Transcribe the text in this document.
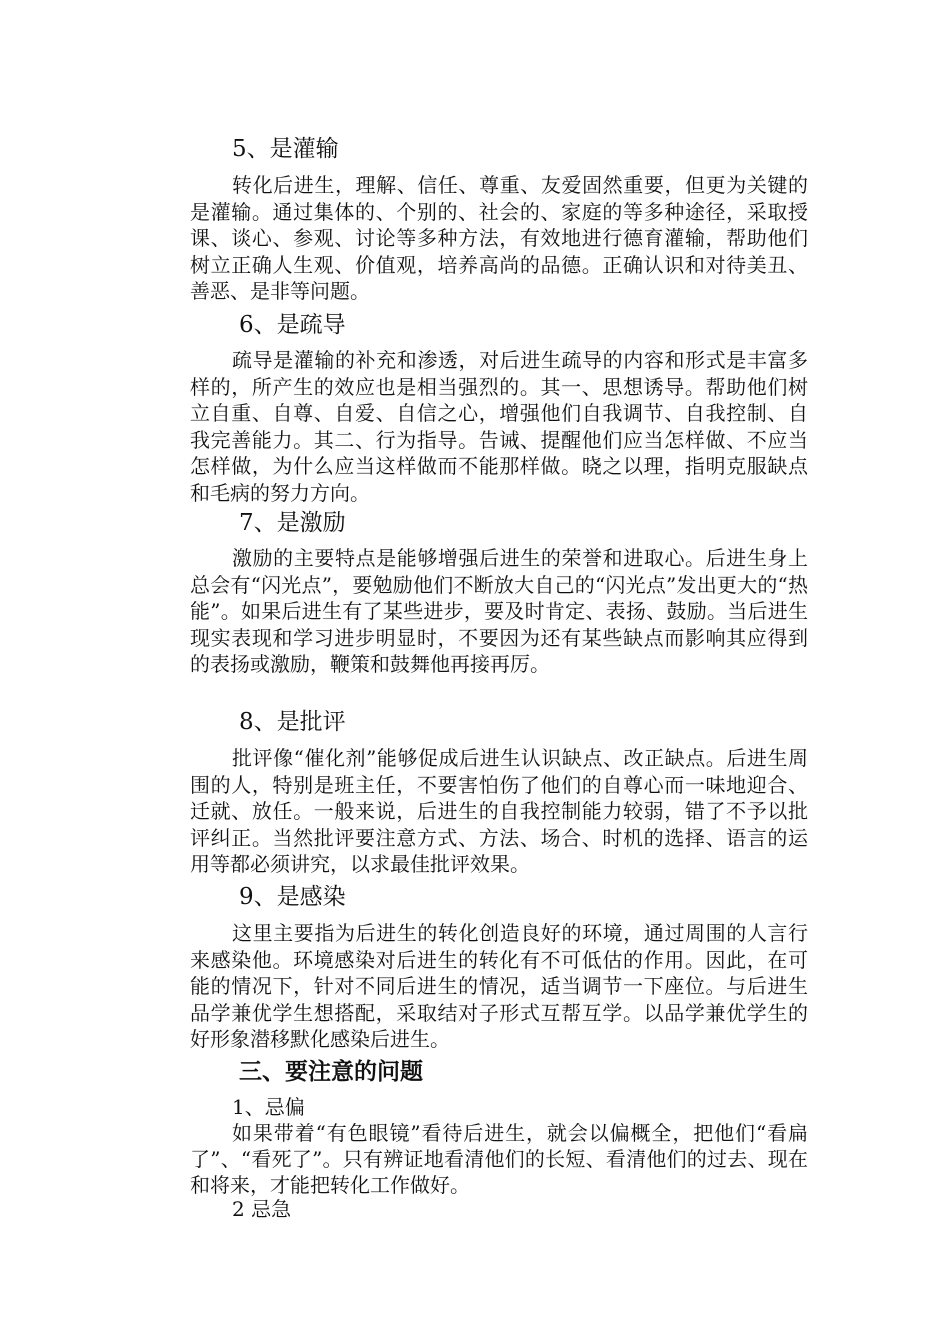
5、是灌输

转化后进生，理解、信任、尊重、友爱固然重要，但更为关键的是灌输。通过集体的、个别的、社会的、家庭的等多种途径，采取授课、谈心、参观、讨论等多种方法，有效地进行德育灌输，帮助他们树立正确人生观、价值观，培养高尚的品德。正确认识和对待美丑、善恶、是非等问题。

6、是疏导

疏导是灌输的补充和渗透，对后进生疏导的内容和形式是丰富多样的，所产生的效应也是相当强烈的。其一、思想诱导。帮助他们树立自重、自尊、自爱、自信之心，增强他们自我调节、自我控制、自我完善能力。其二、行为指导。告诫、提醒他们应当怎样做、不应当怎样做，为什么应当这样做而不能那样做。晓之以理，指明克服缺点和毛病的努力方向。

7、是激励

激励的主要特点是能够增强后进生的荣誉和进取心。后进生身上总会有“闪光点”，要勉励他们不断放大自己的“闪光点”发出更大的“热能”。如果后进生有了某些进步，要及时肯定、表扬、鼓励。当后进生现实表现和学习进步明显时，不要因为还有某些缺点而影响其应得到的表扬或激励，鞭策和鼓舞他再接再厉。

8、是批评

批评像“催化剂”能够促成后进生认识缺点、改正缺点。后进生周围的人，特别是班主任，不要害怕伤了他们的自尊心而一味地迎合、迁就、放任。一般来说，后进生的自我控制能力较弱，错了不予以批评纠正。当然批评要注意方式、方法、场合、时机的选择、语言的运用等都必须讲究，以求最佳批评效果。

9、是感染

这里主要指为后进生的转化创造良好的环境，通过周围的人言行来感染他。环境感染对后进生的转化有不可低估的作用。因此，在可能的情况下，针对不同后进生的情况，适当调节一下座位。与后进生品学兼优学生想搭配，采取结对子形式互帮互学。以品学兼优学生的好形象潜移默化感染后进生。

三、要注意的问题
1、忌偏

如果带着“有色眼镜”看待后进生，就会以偏概全，把他们“看扁了”、“看死了”。只有辨证地看清他们的长短、看清他们的过去、现在和将来，才能把转化工作做好。

2 忌急
